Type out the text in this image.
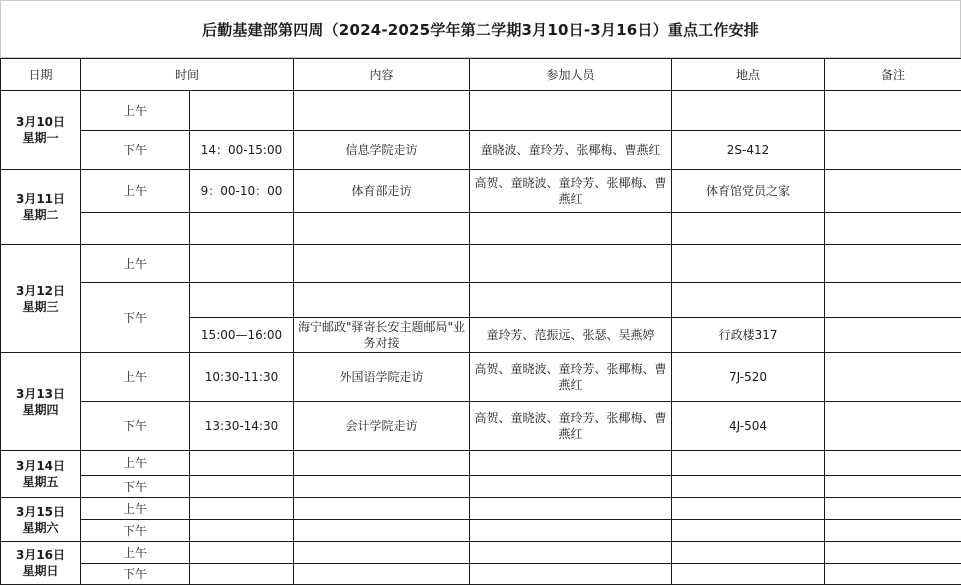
后勤基建部第四周（2024-2025学年第二学期3月10日-3月16日）重点工作安排
日期	时间		内容	参加人员	地点	备注

3月10日
星期一	上午					
	下午	14：00-15:00	信息学院走访	童晓波、童玲芳、张椰梅、曹燕红	2S-412	

3月11日
星期二	上午	9：00-10：00	体育部走访	高贺、童晓波、童玲芳、张椰梅、曹燕红	体育馆党员之家	

3月12日
星期三	上午					
	下午					
		15:00—16:00	海宁邮政"驿寄长安主题邮局"业务对接	童玲芳、范振远、张瑟、吴燕婷	行政楼317	

3月13日
星期四	上午	10:30-11:30	外国语学院走访	高贺、童晓波、童玲芳、张椰梅、曹燕红	7J-520	
	下午	13:30-14:30	会计学院走访	高贺、童晓波、童玲芳、张椰梅、曹燕红	4J-504	

3月14日
星期五	上午					
	下午					

3月15日
星期六	上午					
	下午					

3月16日
星期日	上午					
	下午					
